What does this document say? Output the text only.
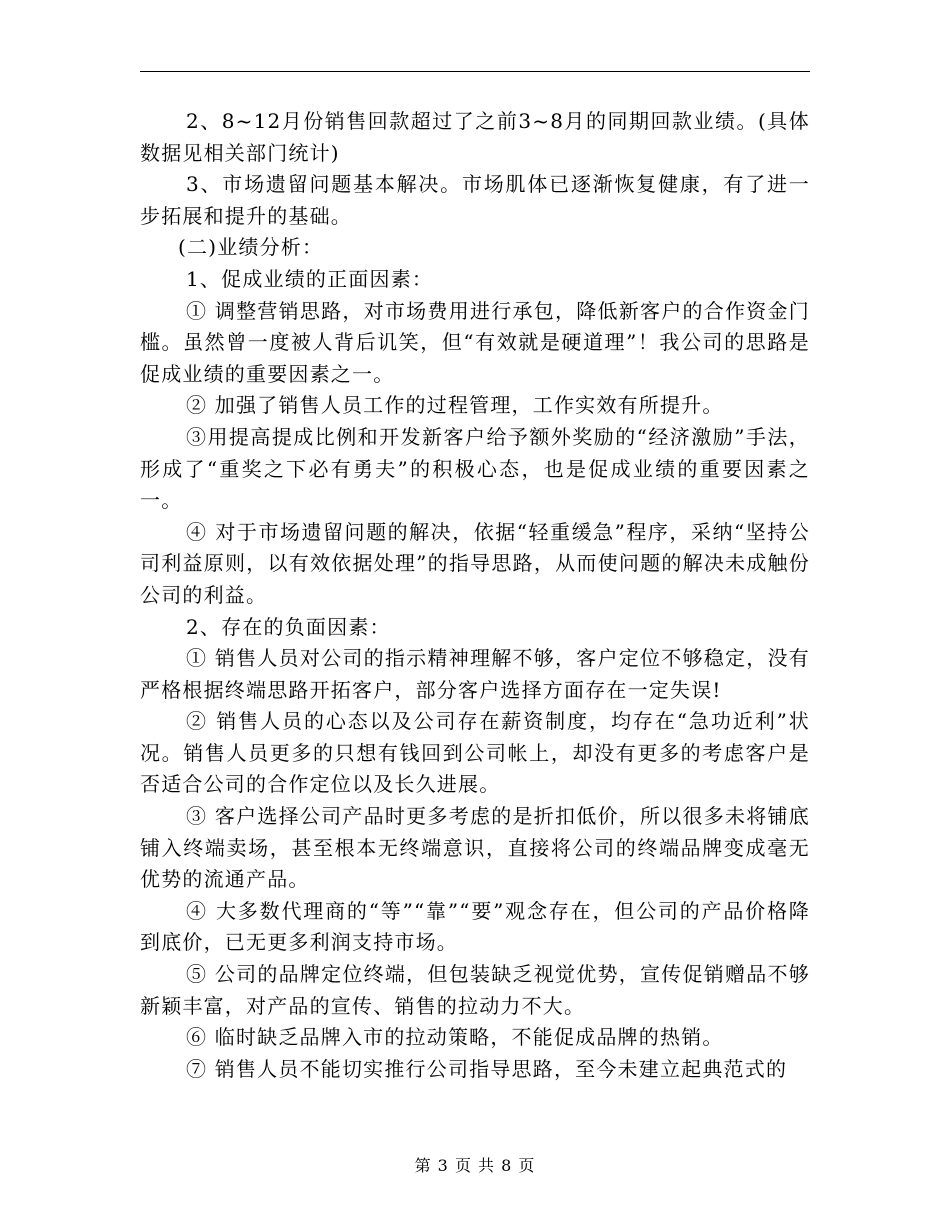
2、8~12月份销售回款超过了之前3~8月的同期回款业绩。(具体数据见相关部门统计)

3、市场遗留问题基本解决。市场肌体已逐渐恢复健康，有了进一步拓展和提升的基础。

(二)业绩分析：

1、促成业绩的正面因素：

① 调整营销思路，对市场费用进行承包，降低新客户的合作资金门槛。虽然曾一度被人背后讥笑，但“有效就是硬道理”！我公司的思路是促成业绩的重要因素之一。

② 加强了销售人员工作的过程管理，工作实效有所提升。

③用提高提成比例和开发新客户给予额外奖励的“经济激励”手法，形成了“重奖之下必有勇夫”的积极心态，也是促成业绩的重要因素之一。

④ 对于市场遗留问题的解决，依据“轻重缓急”程序，采纳“坚持公司利益原则，以有效依据处理”的指导思路，从而使问题的解决未成触份公司的利益。

2、存在的负面因素：

① 销售人员对公司的指示精神理解不够，客户定位不够稳定，没有严格根据终端思路开拓客户，部分客户选择方面存在一定失误!

② 销售人员的心态以及公司存在薪资制度，均存在“急功近利”状况。销售人员更多的只想有钱回到公司帐上，却没有更多的考虑客户是否适合公司的合作定位以及长久进展。

③ 客户选择公司产品时更多考虑的是折扣低价，所以很多未将铺底铺入终端卖场，甚至根本无终端意识，直接将公司的终端品牌变成毫无优势的流通产品。

④ 大多数代理商的“等”“靠”“要”观念存在，但公司的产品价格降到底价，已无更多利润支持市场。

⑤ 公司的品牌定位终端，但包装缺乏视觉优势，宣传促销赠品不够新颖丰富，对产品的宣传、销售的拉动力不大。

⑥ 临时缺乏品牌入市的拉动策略，不能促成品牌的热销。

⑦ 销售人员不能切实推行公司指导思路，至今未建立起典范式的

第 3 页 共 8 页
